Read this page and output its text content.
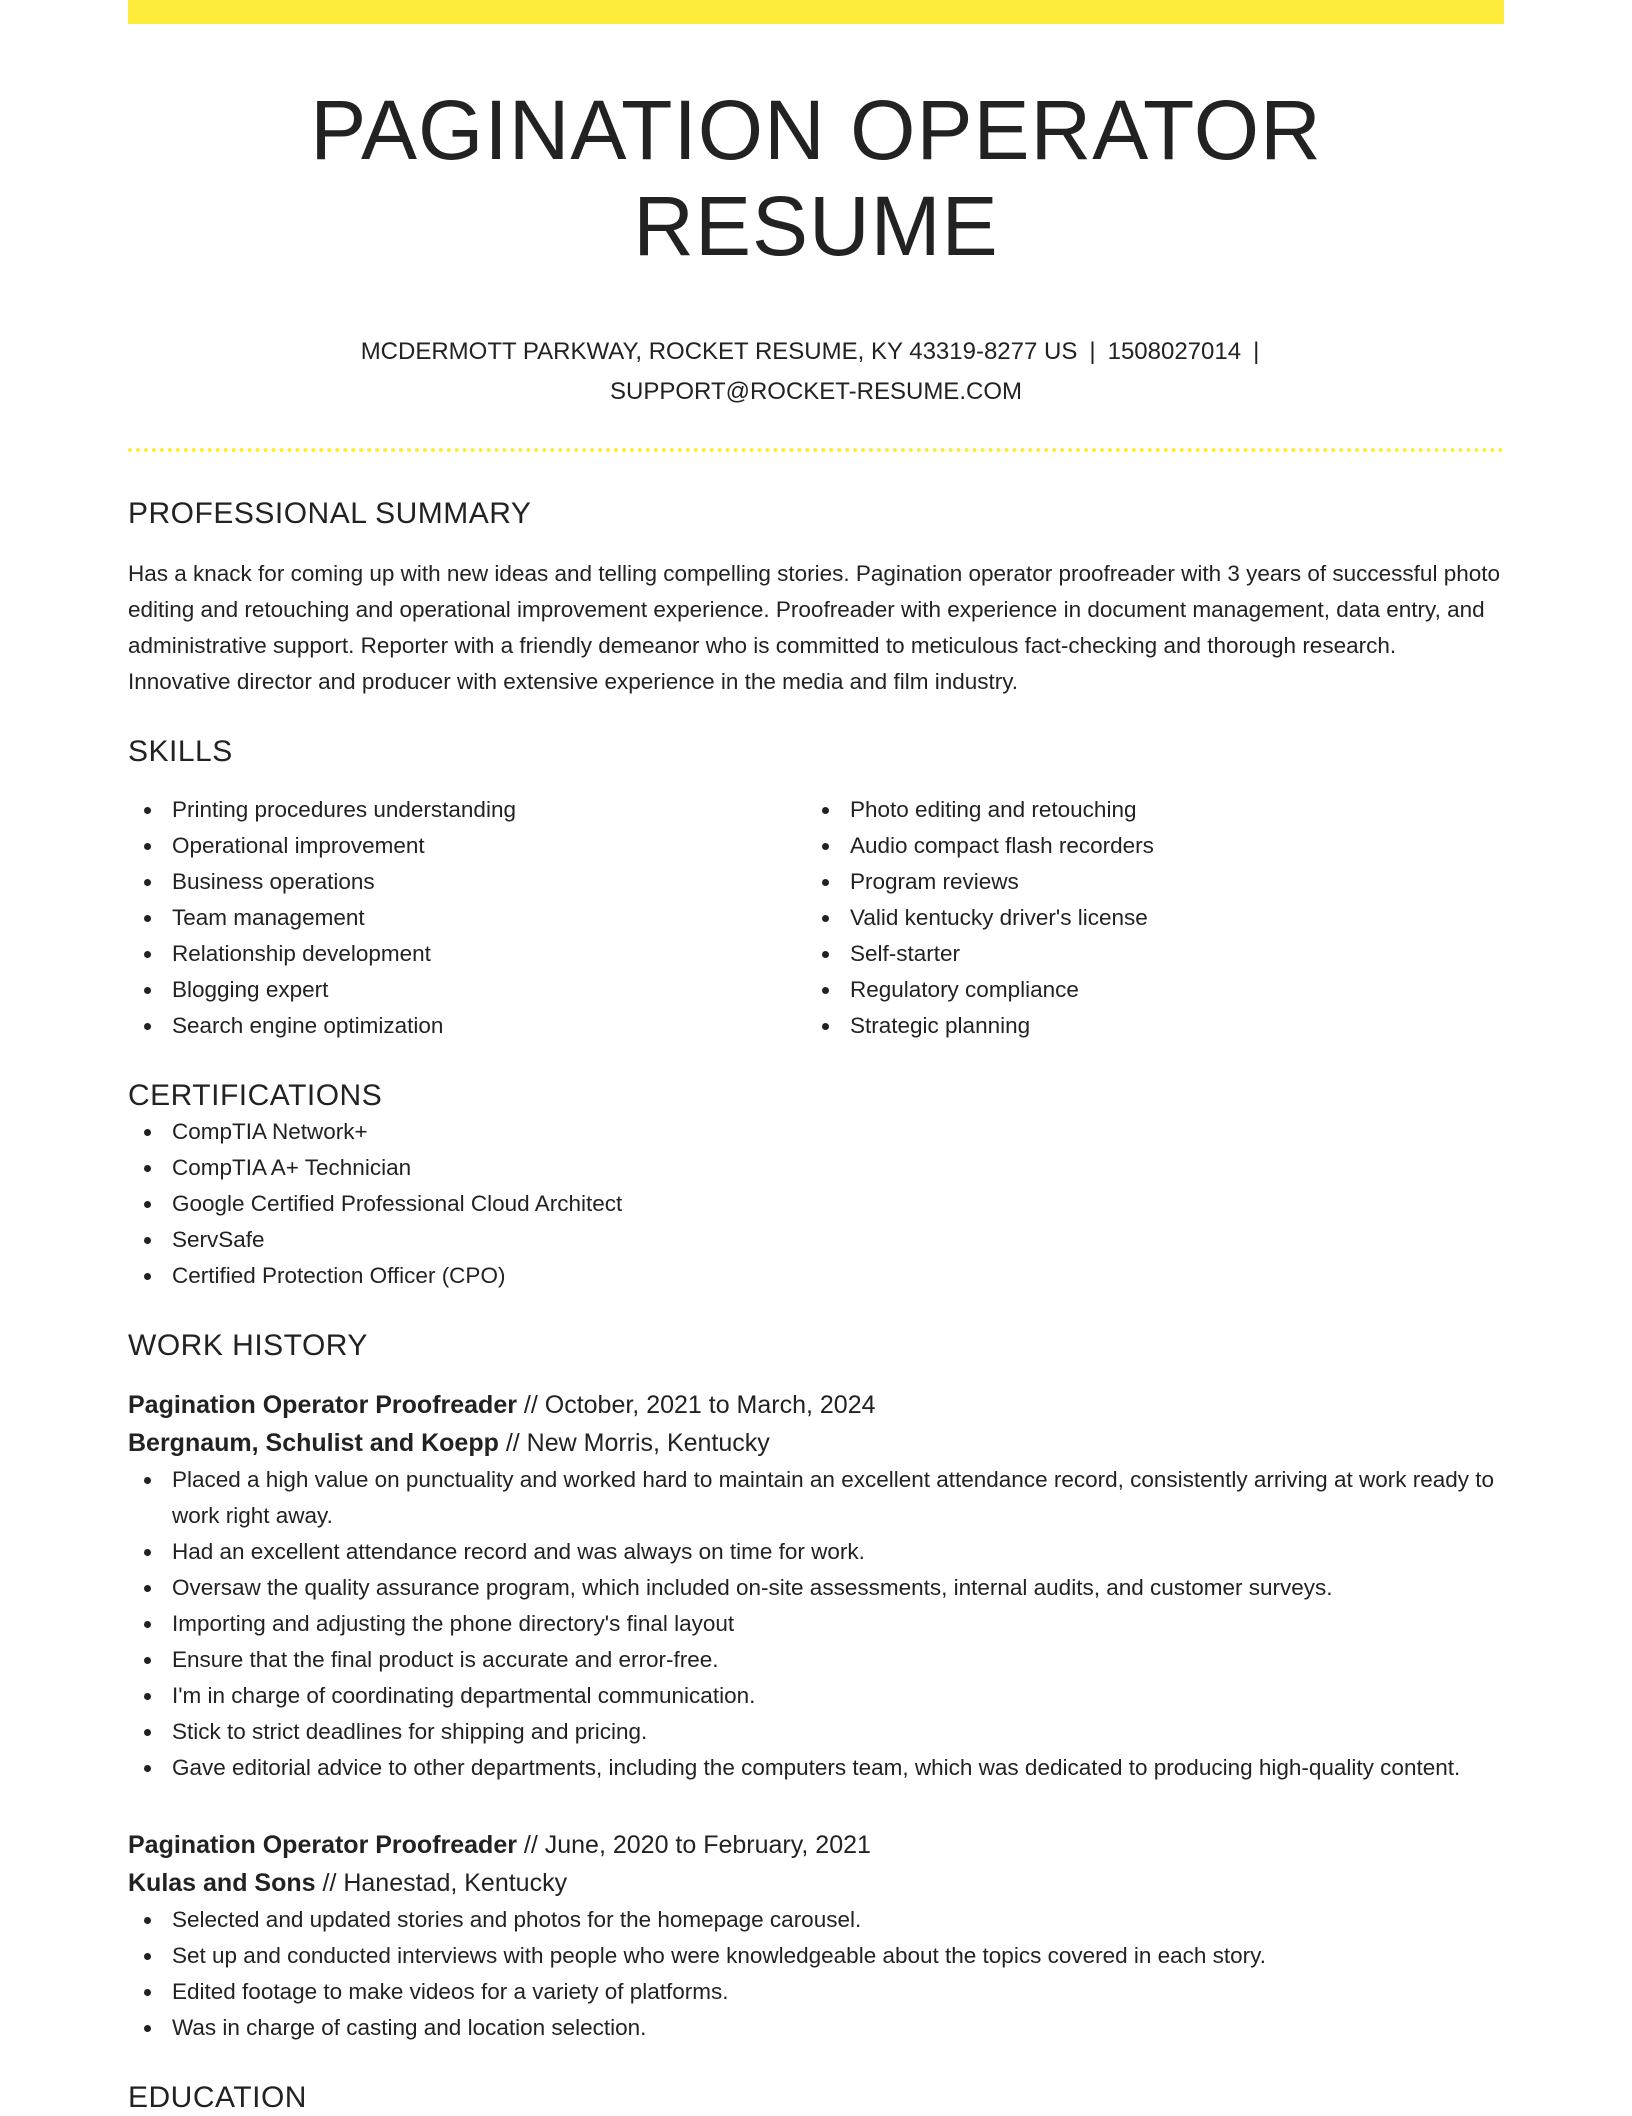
PAGINATION OPERATOR RESUME
MCDERMOTT PARKWAY, ROCKET RESUME, KY 43319-8277 US | 1508027014 |
SUPPORT@ROCKET-RESUME.COM
PROFESSIONAL SUMMARY
Has a knack for coming up with new ideas and telling compelling stories. Pagination operator proofreader with 3 years of successful photo editing and retouching and operational improvement experience. Proofreader with experience in document management, data entry, and administrative support. Reporter with a friendly demeanor who is committed to meticulous fact-checking and thorough research. Innovative director and producer with extensive experience in the media and film industry.
SKILLS
Printing procedures understanding
Operational improvement
Business operations
Team management
Relationship development
Blogging expert
Search engine optimization
Photo editing and retouching
Audio compact flash recorders
Program reviews
Valid kentucky driver's license
Self-starter
Regulatory compliance
Strategic planning
CERTIFICATIONS
CompTIA Network+
CompTIA A+ Technician
Google Certified Professional Cloud Architect
ServSafe
Certified Protection Officer (CPO)
WORK HISTORY
Pagination Operator Proofreader // October, 2021 to March, 2024
Bergnaum, Schulist and Koepp // New Morris, Kentucky
Placed a high value on punctuality and worked hard to maintain an excellent attendance record, consistently arriving at work ready to work right away.
Had an excellent attendance record and was always on time for work.
Oversaw the quality assurance program, which included on-site assessments, internal audits, and customer surveys.
Importing and adjusting the phone directory's final layout
Ensure that the final product is accurate and error-free.
I'm in charge of coordinating departmental communication.
Stick to strict deadlines for shipping and pricing.
Gave editorial advice to other departments, including the computers team, which was dedicated to producing high-quality content.
Pagination Operator Proofreader // June, 2020 to February, 2021
Kulas and Sons // Hanestad, Kentucky
Selected and updated stories and photos for the homepage carousel.
Set up and conducted interviews with people who were knowledgeable about the topics covered in each story.
Edited footage to make videos for a variety of platforms.
Was in charge of casting and location selection.
EDUCATION
